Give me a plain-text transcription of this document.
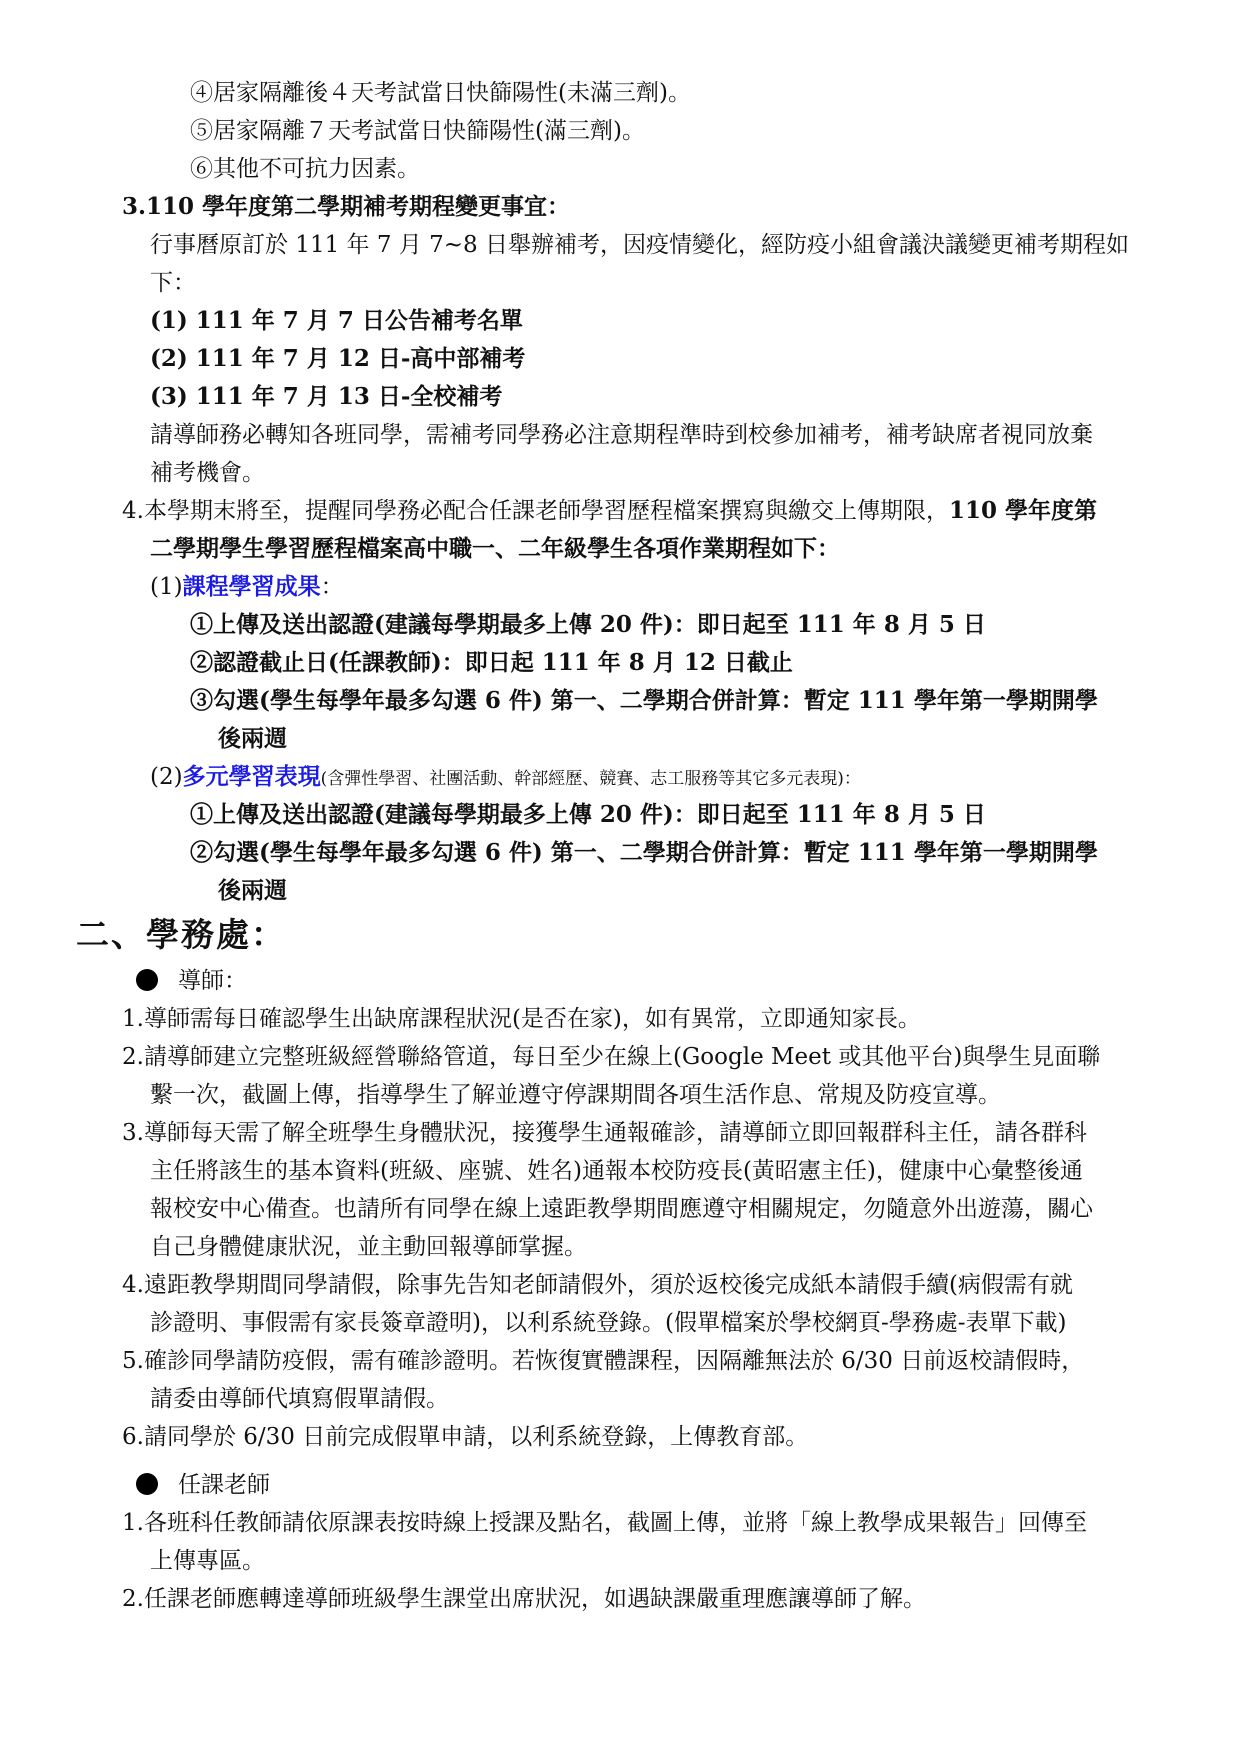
④居家隔離後４天考試當日快篩陽性(未滿三劑)。
⑤居家隔離７天考試當日快篩陽性(滿三劑)。
⑥其他不可抗力因素。
3.110 學年度第二學期補考期程變更事宜：
行事曆原訂於 111 年 7 月 7~8 日舉辦補考，因疫情變化，經防疫小組會議決議變更補考期程如
下：
(1) 111 年 7 月 7 日公告補考名單
(2) 111 年 7 月 12 日-高中部補考
(3) 111 年 7 月 13 日-全校補考
請導師務必轉知各班同學，需補考同學務必注意期程準時到校參加補考，補考缺席者視同放棄
補考機會。
4.本學期末將至，提醒同學務必配合任課老師學習歷程檔案撰寫與繳交上傳期限，110 學年度第
二學期學生學習歷程檔案高中職一、二年級學生各項作業期程如下：
(1)課程學習成果：
①上傳及送出認證(建議每學期最多上傳 20 件)：即日起至 111 年 8 月 5 日
②認證截止日(任課教師)：即日起 111 年 8 月 12 日截止
③勾選(學生每學年最多勾選 6 件) 第一、二學期合併計算：暫定 111 學年第一學期開學
後兩週
(2)多元學習表現(含彈性學習、社團活動、幹部經歷、競賽、志工服務等其它多元表現)：
①上傳及送出認證(建議每學期最多上傳 20 件)：即日起至 111 年 8 月 5 日
②勾選(學生每學年最多勾選 6 件) 第一、二學期合併計算：暫定 111 學年第一學期開學
後兩週
二、學務處：
導師：
1.導師需每日確認學生出缺席課程狀況(是否在家)，如有異常，立即通知家長。
2.請導師建立完整班級經營聯絡管道，每日至少在線上(Google Meet 或其他平台)與學生見面聯
繫一次，截圖上傳，指導學生了解並遵守停課期間各項生活作息、常規及防疫宣導。
3.導師每天需了解全班學生身體狀況，接獲學生通報確診，請導師立即回報群科主任，請各群科
主任將該生的基本資料(班級、座號、姓名)通報本校防疫長(黃昭憲主任)，健康中心彙整後通
報校安中心備查。也請所有同學在線上遠距教學期間應遵守相關規定，勿隨意外出遊蕩，關心
自己身體健康狀況，並主動回報導師掌握。
4.遠距教學期間同學請假，除事先告知老師請假外，須於返校後完成紙本請假手續(病假需有就
診證明、事假需有家長簽章證明)，以利系統登錄。(假單檔案於學校網頁-學務處-表單下載)
5.確診同學請防疫假，需有確診證明。若恢復實體課程，因隔離無法於 6/30 日前返校請假時，
請委由導師代填寫假單請假。
6.請同學於 6/30 日前完成假單申請，以利系統登錄，上傳教育部。
任課老師
1.各班科任教師請依原課表按時線上授課及點名，截圖上傳，並將「線上教學成果報告」回傳至
上傳專區。
2.任課老師應轉達導師班級學生課堂出席狀況，如遇缺課嚴重理應讓導師了解。
